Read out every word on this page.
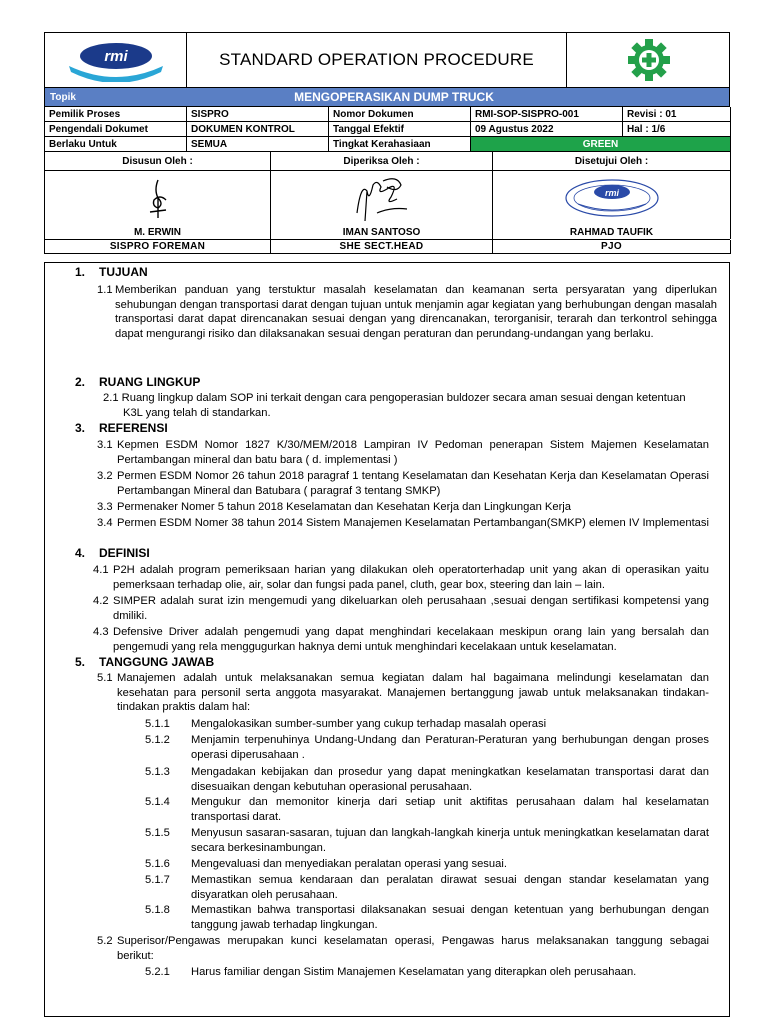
rmi	STANDARD OPERATION PROCEDURE
Topik	MENGOPERASIKAN DUMP TRUCK
Pemilik Proses	SISPRO	Nomor Dokumen	RMI-SOP-SISPRO-001	Revisi : 01
Pengendali Dokumet	DOKUMEN KONTROL	Tanggal Efektif	09 Agustus 2022	Hal : 1/6
Berlaku Untuk	SEMUA	Tingkat Kerahasiaan	GREEN
Disusun Oleh :	Diperiksa Oleh :	Disetujui Oleh :
rmi
M. ERWIN	IMAN SANTOSO	RAHMAD TAUFIK
SISPRO FOREMAN	SHE SECT.HEAD	PJO
1. TUJUAN
1.1 Memberikan panduan yang terstuktur masalah keselamatan dan keamanan serta persyaratan yang diperlukan sehubungan dengan transportasi darat dengan tujuan untuk menjamin agar kegiatan yang berhubungan dengan masalah transportasi darat dapat direncanakan sesuai dengan yang direncanakan, terorganisir, terarah dan terkontrol sehingga dapat mengurangi risiko dan dilaksanakan sesuai dengan peraturan dan perundang-undangan yang berlaku.
2. RUANG LINGKUP
2.1 Ruang lingkup dalam SOP ini terkait dengan cara pengoperasian buldozer secara aman sesuai dengan ketentuan
K3L yang telah di standarkan.
3. REFERENSI
3.1 Kepmen ESDM Nomor 1827 K/30/MEM/2018 Lampiran IV Pedoman penerapan Sistem Majemen Keselamatan Pertambangan mineral dan batu bara ( d. implementasi )
3.2 Permen ESDM Nomor 26 tahun 2018 paragraf 1 tentang Keselamatan dan Kesehatan Kerja dan Keselamatan Operasi Pertambangan Mineral dan Batubara ( paragraf 3 tentang SMKP)
3.3 Permenaker Nomer 5 tahun 2018 Keselamatan dan Kesehatan Kerja dan Lingkungan Kerja
3.4 Permen ESDM Nomer 38 tahun 2014 Sistem Manajemen Keselamatan Pertambangan(SMKP) elemen IV Implementasi
4. DEFINISI
4.1 P2H adalah program pemeriksaan harian yang dilakukan oleh operatorterhadap unit yang akan di operasikan yaitu pemerksaan terhadap olie, air, solar dan fungsi pada panel, cluth, gear box, steering dan lain – lain.
4.2 SIMPER adalah surat izin mengemudi yang dikeluarkan oleh perusahaan ,sesuai dengan sertifikasi kompetensi yang dmiliki.
4.3 Defensive Driver adalah pengemudi yang dapat menghindari kecelakaan meskipun orang lain yang bersalah dan pengemudi yang rela menggugurkan haknya demi untuk menghindari kecelakaan untuk keselamatan.
5. TANGGUNG JAWAB
5.1 Manajemen adalah untuk melaksanakan semua kegiatan dalam hal bagaimana melindungi keselamatan dan kesehatan para personil serta anggota masyarakat. Manajemen bertanggung jawab untuk melaksanakan tindakan-tindakan praktis dalam hal:
5.1.1 Mengalokasikan sumber-sumber yang cukup terhadap masalah operasi
5.1.2 Menjamin terpenuhinya Undang-Undang dan Peraturan-Peraturan yang berhubungan dengan proses operasi diperusahaan .
5.1.3 Mengadakan kebijakan dan prosedur yang dapat meningkatkan keselamatan transportasi darat dan disesuaikan dengan kebutuhan operasional perusahaan.
5.1.4 Mengukur dan memonitor kinerja dari setiap unit aktifitas perusahaan dalam hal keselamatan transportasi darat.
5.1.5 Menyusun sasaran-sasaran, tujuan dan langkah-langkah kinerja untuk meningkatkan keselamatan darat secara berkesinambungan.
5.1.6 Mengevaluasi dan menyediakan peralatan operasi yang sesuai.
5.1.7 Memastikan semua kendaraan dan peralatan dirawat sesuai dengan standar keselamatan yang disyaratkan oleh perusahaan.
5.1.8 Memastikan bahwa transportasi dilaksanakan sesuai dengan ketentuan yang berhubungan dengan tanggung jawab terhadap lingkungan.
5.2 Superisor/Pengawas merupakan kunci keselamatan operasi, Pengawas harus melaksanakan tanggung sebagai berikut:
5.2.1 Harus familiar dengan Sistim Manajemen Keselamatan yang diterapkan oleh perusahaan.
